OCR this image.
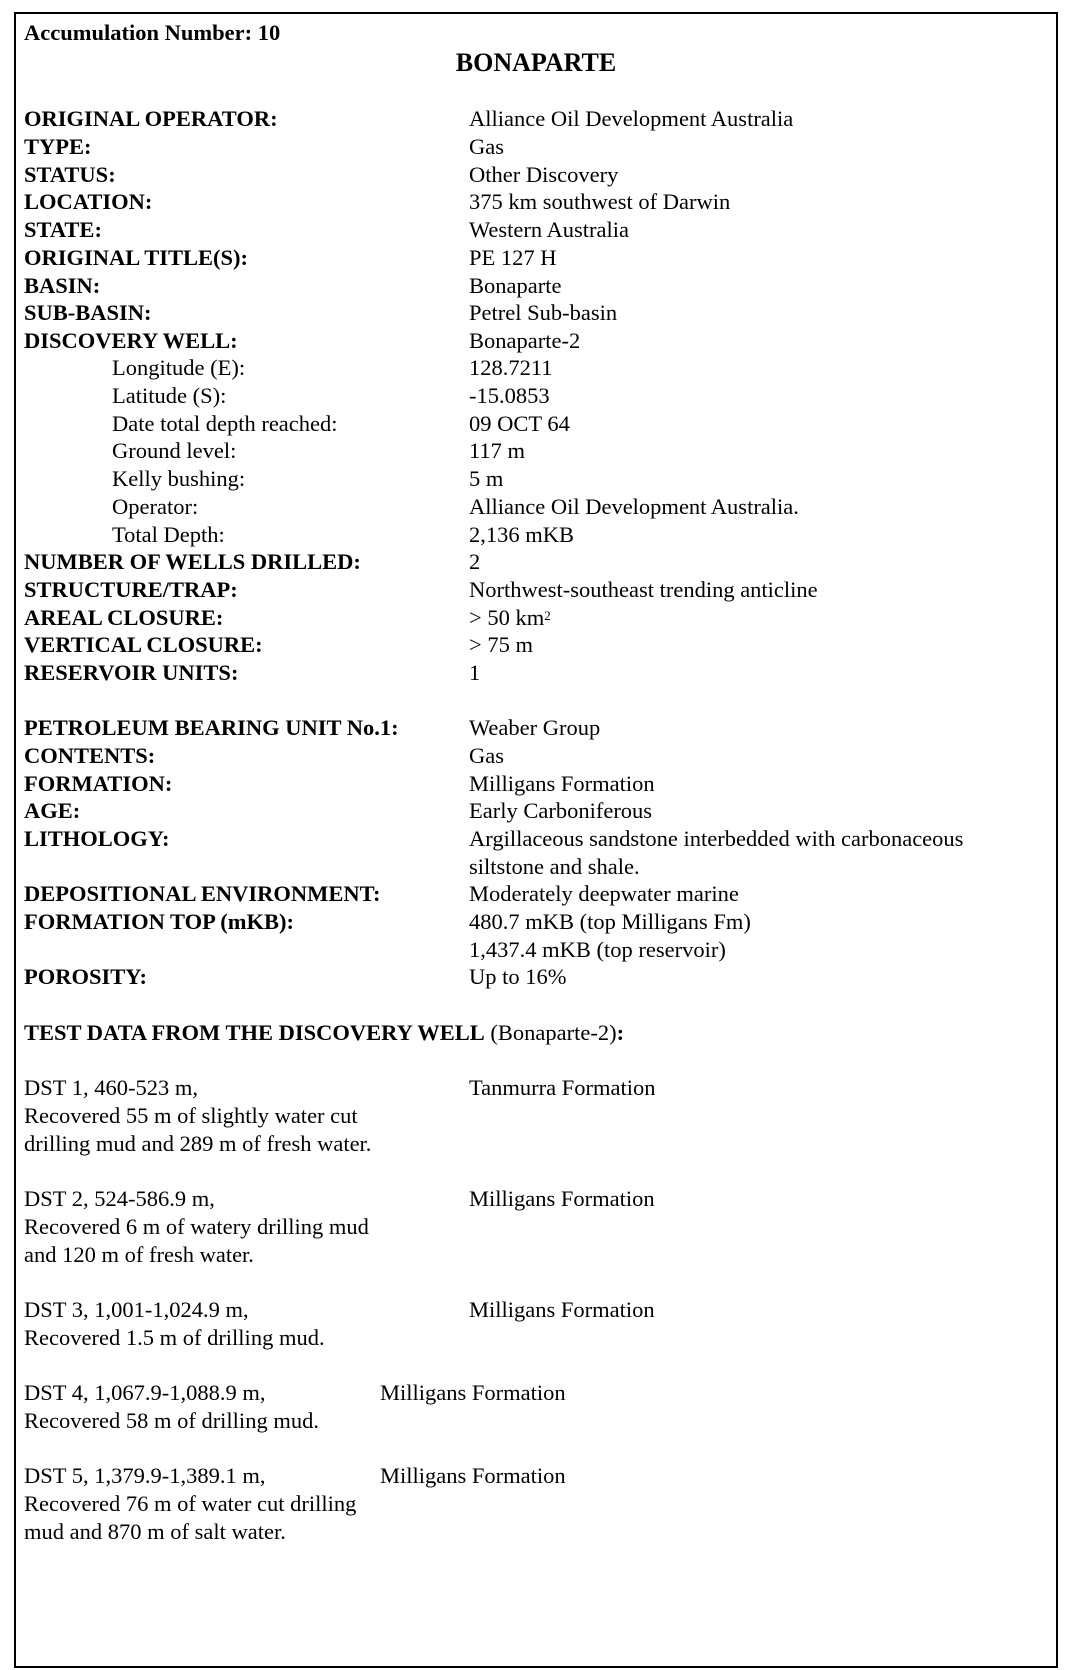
Accumulation Number: 10
BONAPARTE
ORIGINAL OPERATOR:	Alliance Oil Development Australia
TYPE:	Gas
STATUS:	Other Discovery
LOCATION:	375 km southwest of Darwin
STATE:	Western Australia
ORIGINAL TITLE(S):	PE 127 H
BASIN:	Bonaparte
SUB-BASIN:	Petrel Sub-basin
DISCOVERY WELL:	Bonaparte-2
Longitude (E):	128.7211
Latitude (S):	-15.0853
Date total depth reached:	09 OCT 64
Ground level:	117 m
Kelly bushing:	5 m
Operator:	Alliance Oil Development Australia.
Total Depth:	2,136 mKB
NUMBER OF WELLS DRILLED:	2
STRUCTURE/TRAP:	Northwest-southeast trending anticline
AREAL CLOSURE:	> 50 $km^2$
VERTICAL CLOSURE:	> 75 m
RESERVOIR UNITS:	1
PETROLEUM BEARING UNIT No.1:	Weaber Group
CONTENTS:	Gas
FORMATION:	Milligans Formation
AGE:	Early Carboniferous
LITHOLOGY:	Argillaceous sandstone interbedded with carbonaceous
siltstone and shale.
DEPOSITIONAL ENVIRONMENT:	Moderately deepwater marine
FORMATION TOP (mKB):	480.7 mKB (top Milligans Fm)
1,437.4 mKB (top reservoir)
POROSITY:	Up to 16%
TEST DATA FROM THE DISCOVERY WELL (Bonaparte-2):
DST 1, 460-523 m,	Tanmurra Formation
Recovered 55 m of slightly water cut
drilling mud and 289 m of fresh water.
DST 2, 524-586.9 m,	Milligans Formation
Recovered 6 m of watery drilling mud
and 120 m of fresh water.
DST 3, 1,001-1,024.9 m,	Milligans Formation
Recovered 1.5 m of drilling mud.
DST 4, 1,067.9-1,088.9 m,	Milligans Formation
Recovered 58 m of drilling mud.
DST 5, 1,379.9-1,389.1 m,	Milligans Formation
Recovered 76 m of water cut drilling
mud and 870 m of salt water.
